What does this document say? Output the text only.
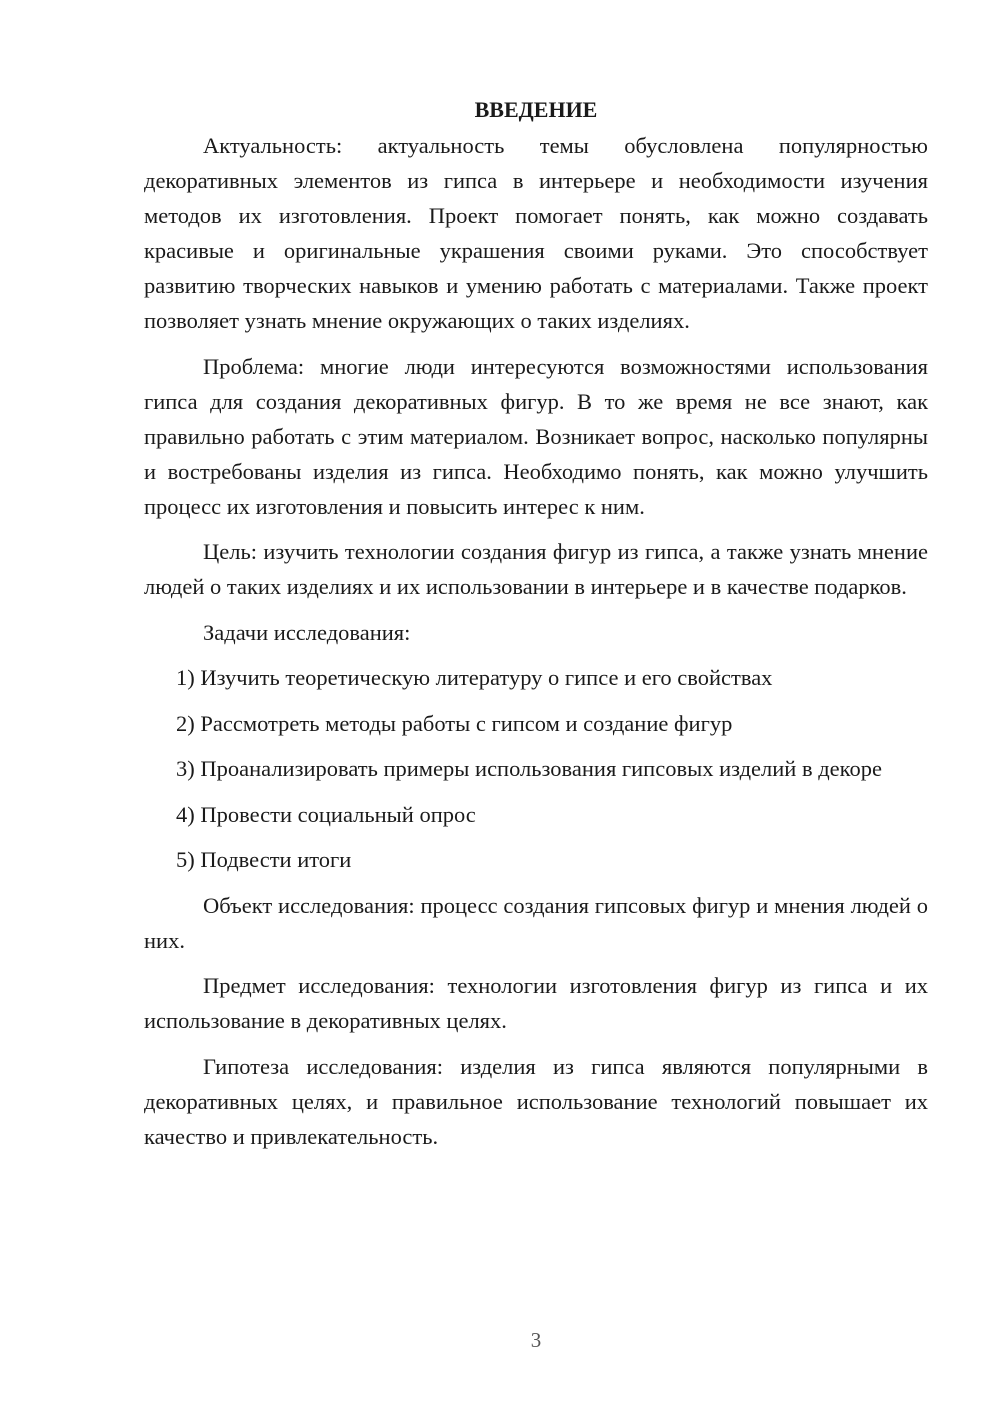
ВВЕДЕНИЕ

Актуальность: актуальность темы обусловлена популярностью декоративных элементов из гипса в интерьере и необходимости изучения методов их изготовления. Проект помогает понять, как можно создавать красивые и оригинальные украшения своими руками. Это способствует развитию творческих навыков и умению работать с материалами. Также проект позволяет узнать мнение окружающих о таких изделиях.

Проблема: многие люди интересуются возможностями использования гипса для создания декоративных фигур. В то же время не все знают, как правильно работать с этим материалом. Возникает вопрос, насколько популярны и востребованы изделия из гипса. Необходимо понять, как можно улучшить процесс их изготовления и повысить интерес к ним.

Цель: изучить технологии создания фигур из гипса, а также узнать мнение людей о таких изделиях и их использовании в интерьере и в качестве подарков.

Задачи исследования:

1) Изучить теоретическую литературу о гипсе и его свойствах

2) Рассмотреть методы работы с гипсом и создание фигур

3) Проанализировать примеры использования гипсовых изделий в декоре

4) Провести социальный опрос

5) Подвести итоги

Объект исследования: процесс создания гипсовых фигур и мнения людей о них.

Предмет исследования: технологии изготовления фигур из гипса и их использование в декоративных целях.

Гипотеза исследования: изделия из гипса являются популярными в декоративных целях, и правильное использование технологий повышает их качество и привлекательность.

3
